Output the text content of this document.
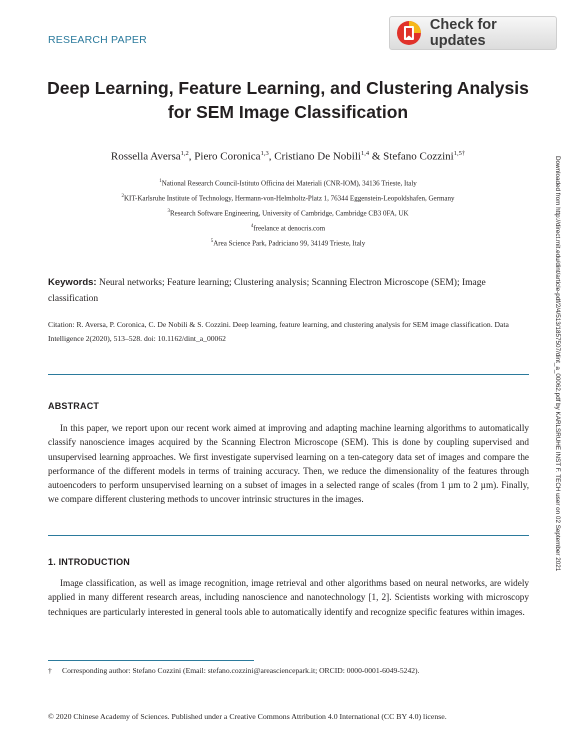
RESEARCH PAPER
Check for updates
Deep Learning, Feature Learning, and Clustering Analysis for SEM Image Classification
Rossella Aversa$^{1,2}$, Piero Coronica$^{1,3}$, Cristiano De Nobili$^{1,4}$ & Stefano Cozzini$^{1,5\dagger}$
$^1$National Research Council-Istituto Officina dei Materiali (CNR-IOM), 34136 Trieste, Italy
$^2$KIT-Karlsruhe Institute of Technology, Hermann-von-Helmholtz-Platz 1, 76344 Eggenstein-Leopoldshafen, Germany
$^3$Research Software Engineering, University of Cambridge, Cambridge CB3 0FA, UK
$^4$freelance at denocris.com
$^5$Area Science Park, Padriciano 99, 34149 Trieste, Italy	Downloaded from http://direct.mit.edu/dint/article-pdf/2/4/513/1857507/dint_a_00062.pdf by KARLSRUHE INST F. TECH user on 02 September 2021
Keywords: Neural networks; Feature learning; Clustering analysis; Scanning Electron Microscope (SEM); Image classification
Citation: R. Aversa, P. Coronica, C. De Nobili & S. Cozzini. Deep learning, feature learning, and clustering analysis for SEM image classification. Data Intelligence 2(2020), 513–528. doi: 10.1162/dint_a_00062
ABSTRACT
In this paper, we report upon our recent work aimed at improving and adapting machine learning algorithms to automatically classify nanoscience images acquired by the Scanning Electron Microscope (SEM). This is done by coupling supervised and unsupervised learning approaches. We first investigate supervised learning on a ten-category data set of images and compare the performance of the different models in terms of training accuracy. Then, we reduce the dimensionality of the features through autoencoders to perform unsupervised learning on a subset of images in a selected range of scales (from 1 µm to 2 µm). Finally, we compare different clustering methods to uncover intrinsic structures in the images.
1. INTRODUCTION
Image classification, as well as image recognition, image retrieval and other algorithms based on neural networks, are widely applied in many different research areas, including nanoscience and nanotechnology [1, 2]. Scientists working with microscopy techniques are particularly interested in general tools able to automatically identify and recognize specific features within images.
† Corresponding author: Stefano Cozzini (Email: stefano.cozzini@areasciencepark.it; ORCID: 0000-0001-6049-5242).
© 2020 Chinese Academy of Sciences. Published under a Creative Commons Attribution 4.0 International (CC BY 4.0) license.
